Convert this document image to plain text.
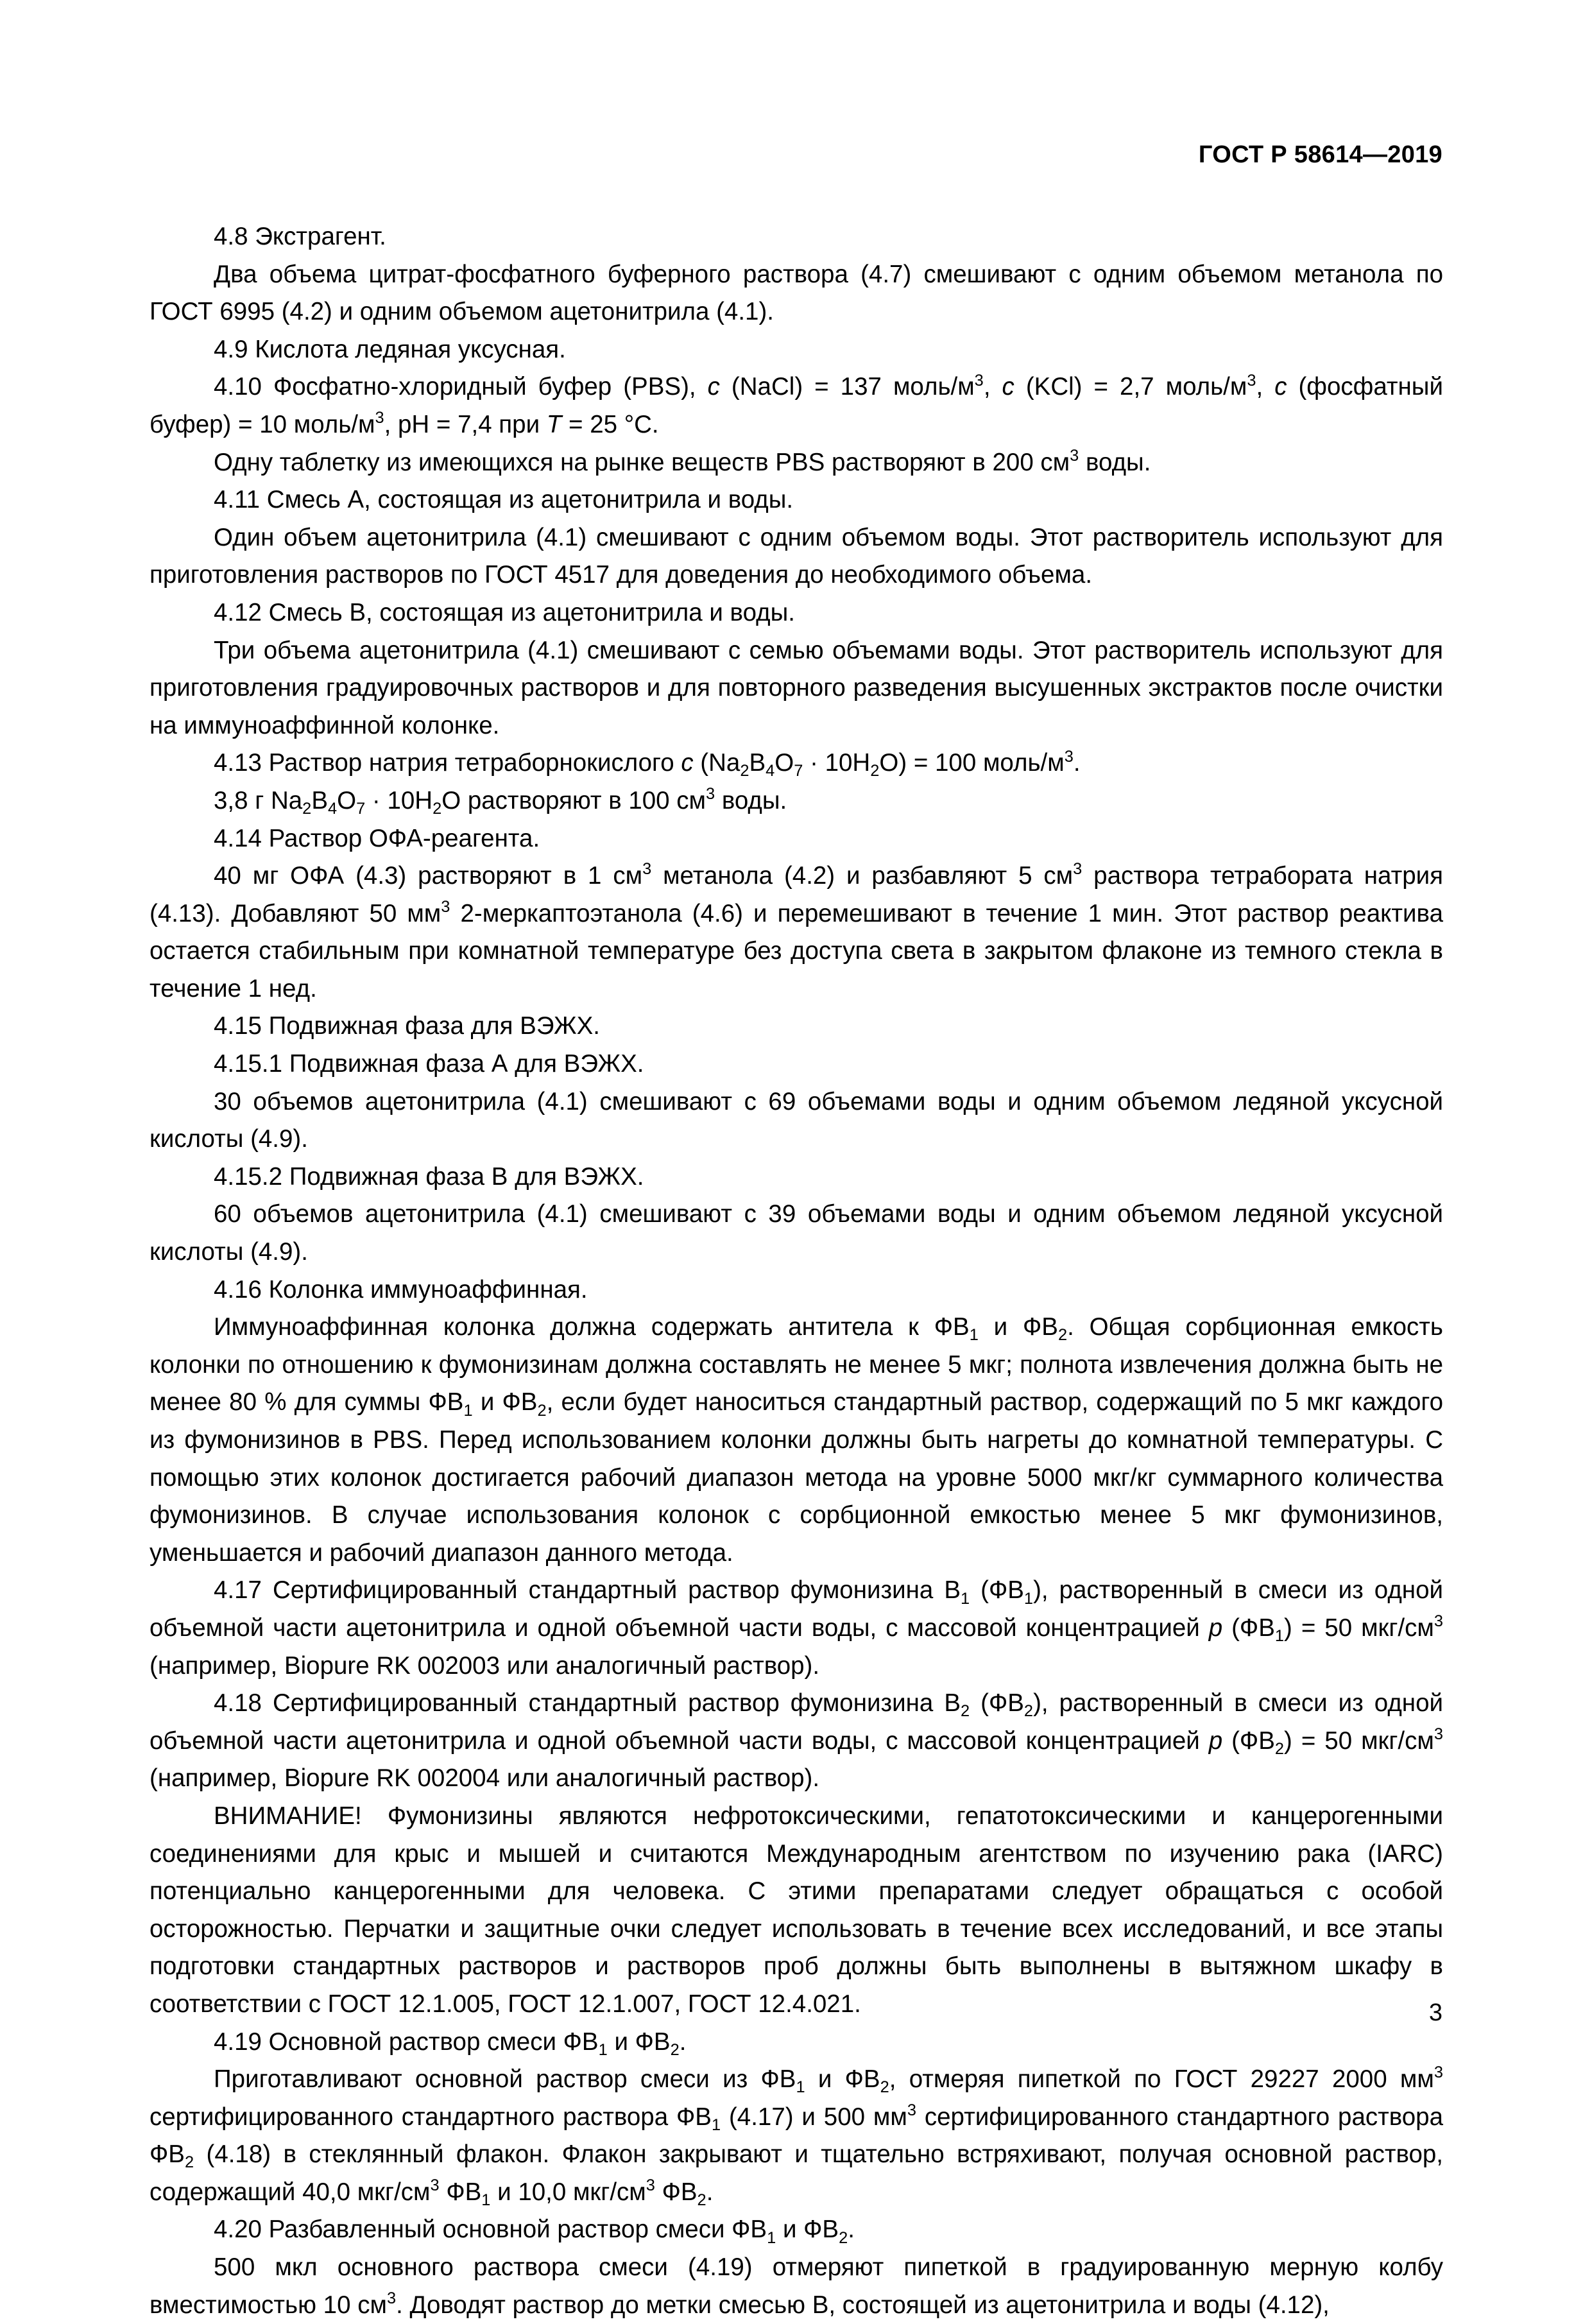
ГОСТ Р 58614—2019

4.8 Экстрагент.

Два объема цитрат-фосфатного буферного раствора (4.7) смешивают с одним объемом метанола по ГОСТ 6995 (4.2) и одним объемом ацетонитрила (4.1).

4.9 Кислота ледяная уксусная.

4.10 Фосфатно-хлоридный буфер (PBS), c (NaCl) = 137 моль/$м^3$, c (KCl) = 2,7 моль/$м^3$, c (фосфатный буфер) = 10 моль/$м^3$, pH = 7,4 при T = 25 °С.

Одну таблетку из имеющихся на рынке веществ PBS растворяют в 200 $см^3$ воды.

4.11 Смесь А, состоящая из ацетонитрила и воды.

Один объем ацетонитрила (4.1) смешивают с одним объемом воды. Этот растворитель используют для приготовления растворов по ГОСТ 4517 для доведения до необходимого объема.

4.12 Смесь В, состоящая из ацетонитрила и воды.

Три объема ацетонитрила (4.1) смешивают с семью объемами воды. Этот растворитель используют для приготовления градуировочных растворов и для повторного разведения высушенных экстрактов после очистки на иммуноаффинной колонке.

4.13 Раствор натрия тетраборнокислого c $(Na_2B_4O_7 \cdot 10H_2O) = 100$ моль/$м^3$.

3,8 г $Na_2B_4O_7 \cdot 10H_2O$ растворяют в 100 $см^3$ воды.

4.14 Раствор ОФА-реагента.

40 мг ОФА (4.3) растворяют в 1 $см^3$ метанола (4.2) и разбавляют 5 $см^3$ раствора тетрабората натрия (4.13). Добавляют 50 $мм^3$ 2-меркаптоэтанола (4.6) и перемешивают в течение 1 мин. Этот раствор реактива остается стабильным при комнатной температуре без доступа света в закрытом флаконе из темного стекла в течение 1 нед.

4.15 Подвижная фаза для ВЭЖХ.

4.15.1 Подвижная фаза А для ВЭЖХ.

30 объемов ацетонитрила (4.1) смешивают с 69 объемами воды и одним объемом ледяной уксусной кислоты (4.9).

4.15.2 Подвижная фаза В для ВЭЖХ.

60 объемов ацетонитрила (4.1) смешивают с 39 объемами воды и одним объемом ледяной уксусной кислоты (4.9).

4.16 Колонка иммуноаффинная.

Иммуноаффинная колонка должна содержать антитела к $ФВ_1$ и $ФВ_2$. Общая сорбционная емкость колонки по отношению к фумонизинам должна составлять не менее 5 мкг; полнота извлечения должна быть не менее 80 % для суммы $ФВ_1$ и $ФВ_2$, если будет наноситься стандартный раствор, содержащий по 5 мкг каждого из фумонизинов в PBS. Перед использованием колонки должны быть нагреты до комнатной температуры. С помощью этих колонок достигается рабочий диапазон метода на уровне 5000 мкг/кг суммарного количества фумонизинов. В случае использования колонок с сорбционной емкостью менее 5 мкг фумонизинов, уменьшается и рабочий диапазон данного метода.

4.17 Сертифицированный стандартный раствор фумонизина $В_1$ $(ФВ_1)$, растворенный в смеси из одной объемной части ацетонитрила и одной объемной части воды, с массовой концентрацией р $(ФВ_1) = 50$ мкг/$см^3$ (например, Biopure RK 002003 или аналогичный раствор).

4.18 Сертифицированный стандартный раствор фумонизина $В_2$ $(ФВ_2)$, растворенный в смеси из одной объемной части ацетонитрила и одной объемной части воды, с массовой концентрацией р $(ФВ_2) = 50$ мкг/$см^3$ (например, Biopure RK 002004 или аналогичный раствор).

ВНИМАНИЕ! Фумонизины являются нефротоксическими, гепатотоксическими и канцерогенными соединениями для крыс и мышей и считаются Международным агентством по изучению рака (IARC) потенциально канцерогенными для человека. С этими препаратами следует обращаться с особой осторожностью. Перчатки и защитные очки следует использовать в течение всех исследований, и все этапы подготовки стандартных растворов и растворов проб должны быть выполнены в вытяжном шкафу в соответствии с ГОСТ 12.1.005, ГОСТ 12.1.007, ГОСТ 12.4.021.

4.19 Основной раствор смеси $ФВ_1$ и $ФВ_2$.

Приготавливают основной раствор смеси из $ФВ_1$ и $ФВ_2$, отмеряя пипеткой по ГОСТ 29227 2000 $мм^3$ сертифицированного стандартного раствора $ФВ_1$ (4.17) и 500 $мм^3$ сертифицированного стандартного раствора $ФВ_2$ (4.18) в стеклянный флакон. Флакон закрывают и тщательно встряхивают, получая основной раствор, содержащий 40,0 мкг/$см^3$ $ФВ_1$ и 10,0 мкг/$см^3$ $ФВ_2$.

4.20 Разбавленный основной раствор смеси $ФВ_1$ и $ФВ_2$.

500 мкл основного раствора смеси (4.19) отмеряют пипеткой в градуированную мерную колбу вместимостью 10 $см^3$. Доводят раствор до метки смесью В, состоящей из ацетонитрила и воды (4.12),

3
